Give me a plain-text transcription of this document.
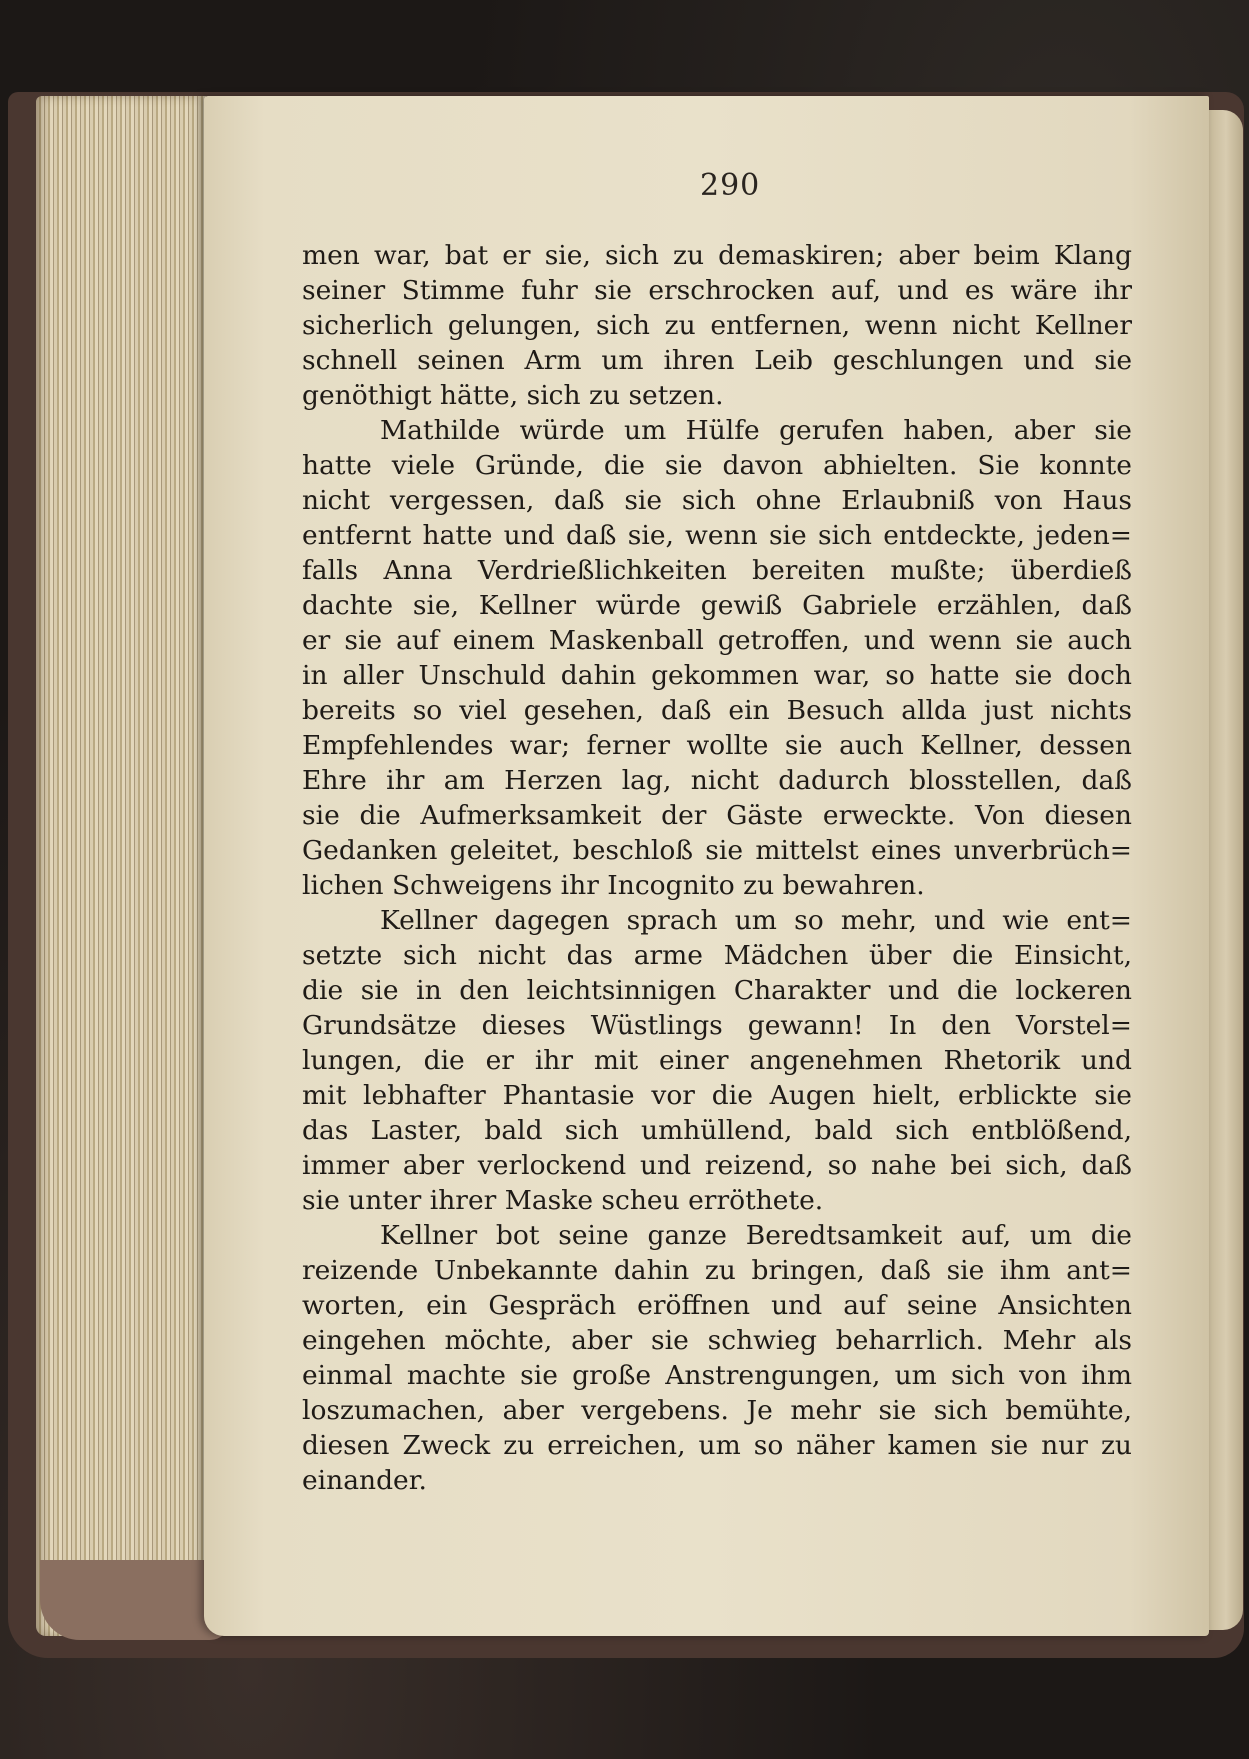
290

men war, bat er sie, sich zu demaskiren; aber beim Klang
seiner Stimme fuhr sie erschrocken auf, und es wäre ihr
sicherlich gelungen, sich zu entfernen, wenn nicht Kellner
schnell seinen Arm um ihren Leib geschlungen und sie
genöthigt hätte, sich zu setzen.

Mathilde würde um Hülfe gerufen haben, aber sie
hatte viele Gründe, die sie davon abhielten. Sie konnte
nicht vergessen, daß sie sich ohne Erlaubniß von Haus
entfernt hatte und daß sie, wenn sie sich entdeckte, jeden=
falls Anna Verdrießlichkeiten bereiten mußte; überdieß
dachte sie, Kellner würde gewiß Gabriele erzählen, daß
er sie auf einem Maskenball getroffen, und wenn sie auch
in aller Unschuld dahin gekommen war, so hatte sie doch
bereits so viel gesehen, daß ein Besuch allda just nichts
Empfehlendes war; ferner wollte sie auch Kellner, dessen
Ehre ihr am Herzen lag, nicht dadurch blosstellen, daß
sie die Aufmerksamkeit der Gäste erweckte. Von diesen
Gedanken geleitet, beschloß sie mittelst eines unverbrüch=
lichen Schweigens ihr Incognito zu bewahren.

Kellner dagegen sprach um so mehr, und wie ent=
setzte sich nicht das arme Mädchen über die Einsicht,
die sie in den leichtsinnigen Charakter und die lockeren
Grundsätze dieses Wüstlings gewann! In den Vorstel=
lungen, die er ihr mit einer angenehmen Rhetorik und
mit lebhafter Phantasie vor die Augen hielt, erblickte sie
das Laster, bald sich umhüllend, bald sich entblößend,
immer aber verlockend und reizend, so nahe bei sich, daß
sie unter ihrer Maske scheu erröthete.

Kellner bot seine ganze Beredtsamkeit auf, um die
reizende Unbekannte dahin zu bringen, daß sie ihm ant=
worten, ein Gespräch eröffnen und auf seine Ansichten
eingehen möchte, aber sie schwieg beharrlich. Mehr als
einmal machte sie große Anstrengungen, um sich von ihm
loszumachen, aber vergebens. Je mehr sie sich bemühte,
diesen Zweck zu erreichen, um so näher kamen sie nur zu
einander.
